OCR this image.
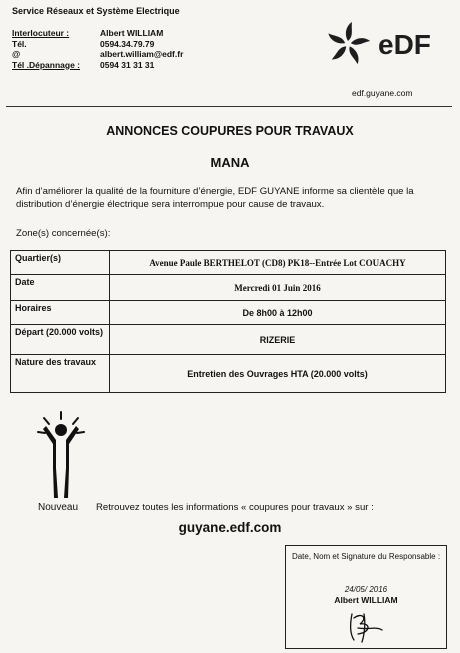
Service Réseaux et Système Electrique
Interlocuteur :	Albert WILLIAM
Tél.	0594.34.79.79
@	albert.william@edf.fr
Tél .Dépannage :	0594 31 31 31
eDF
edf.guyane.com
ANNONCES COUPURES POUR TRAVAUX
MANA
Afin d’améliorer la qualité de la fourniture d’énergie, EDF GUYANE informe sa clientèle que la distribution d’énergie électrique sera interrompue pour cause de travaux.
Zone(s) concernée(s):
Quartier(s)	Avenue Paule BERTHELOT (CD8) PK18--Entrée Lot COUACHY
Date	Mercredi 01 Juin 2016
Horaires	De 8h00 à 12h00
Départ (20.000 volts)	RIZERIE
Nature des travaux	Entretien des Ouvrages HTA (20.000 volts)
Nouveau Retrouvez toutes les informations « coupures pour travaux » sur :
guyane.edf.com
Date, Nom et Signature du Responsable :
24/05/ 2016
Albert WILLIAM
